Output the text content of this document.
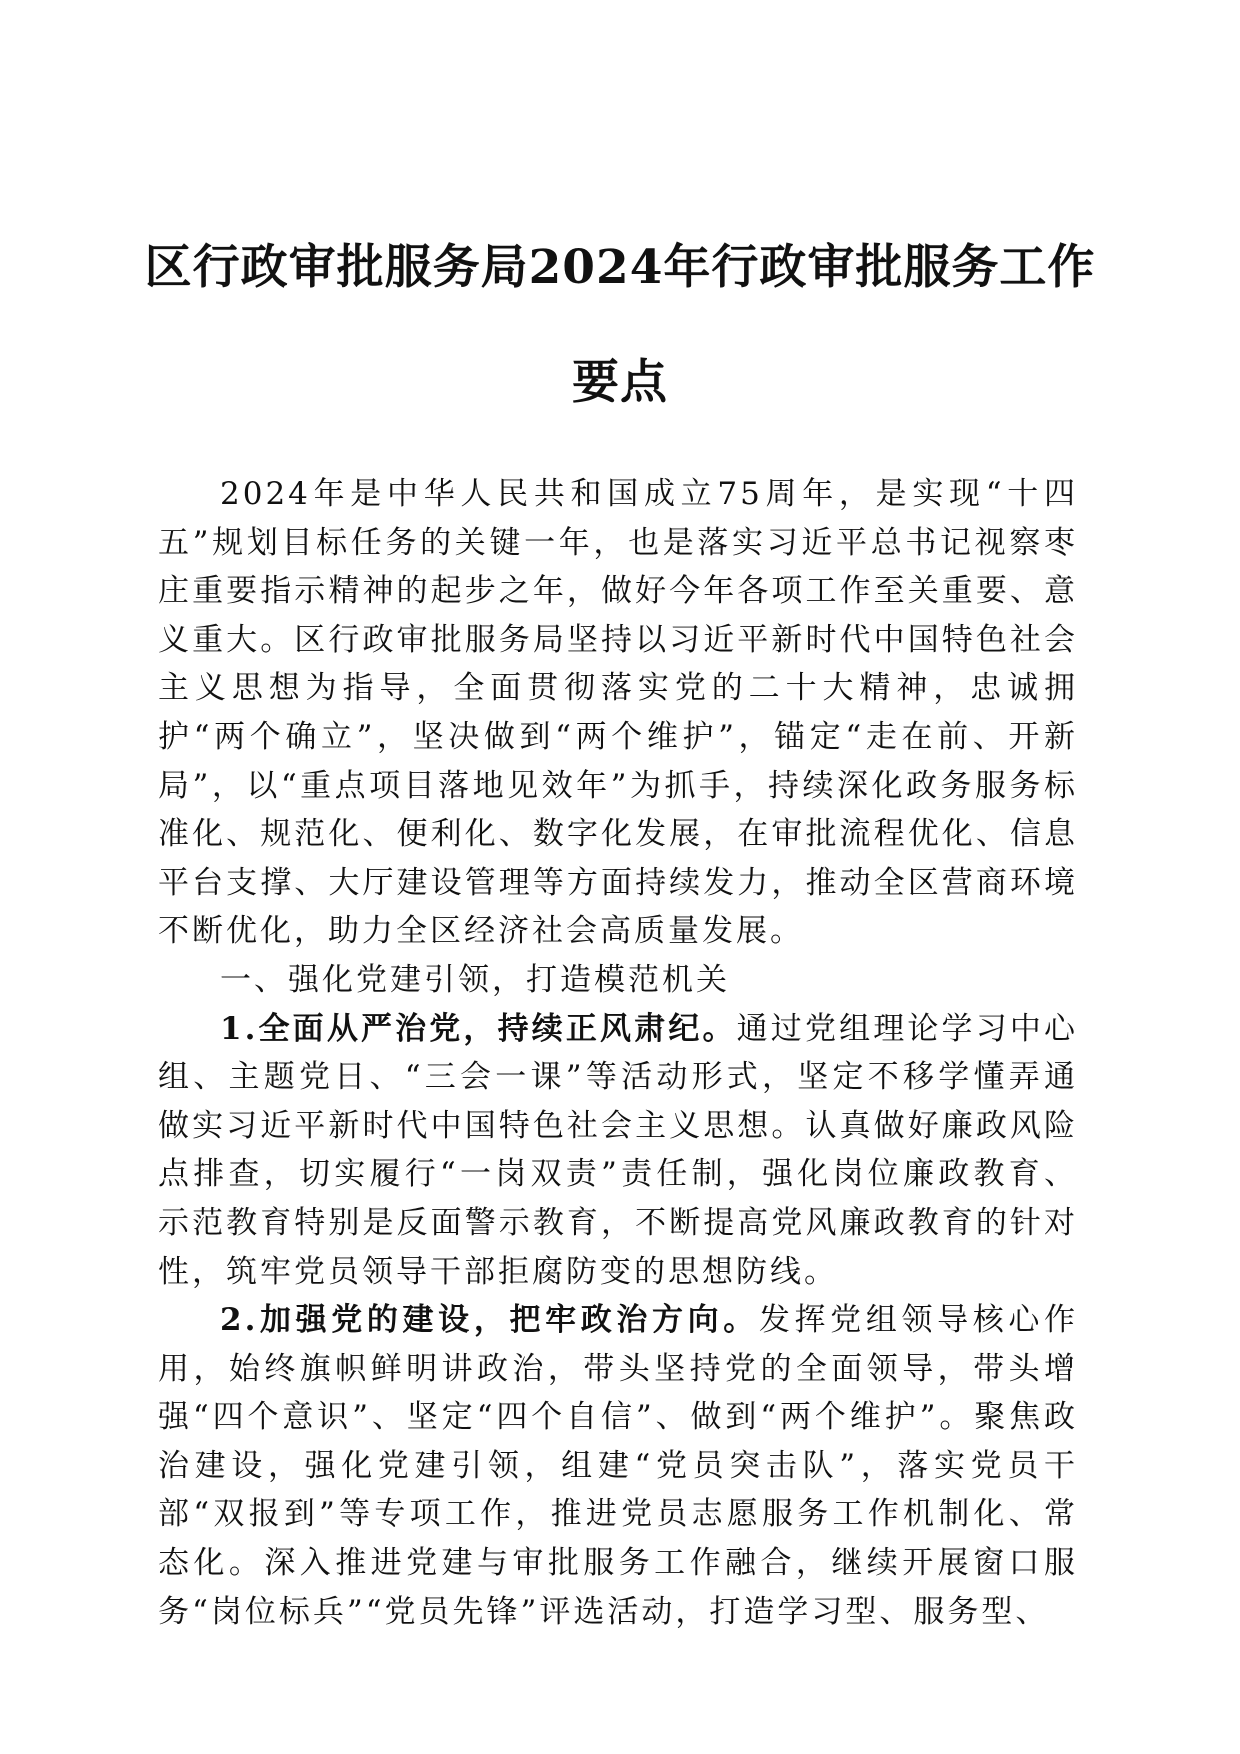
区行政审批服务局2024年行政审批服务工作
要点

2024年是中华人民共和国成立75周年，是实现“十四五”规划目标任务的关键一年，也是落实习近平总书记视察枣庄重要指示精神的起步之年，做好今年各项工作至关重要、意义重大。区行政审批服务局坚持以习近平新时代中国特色社会主义思想为指导，全面贯彻落实党的二十大精神，忠诚拥护“两个确立”，坚决做到“两个维护”，锚定“走在前、开新局”，以“重点项目落地见效年”为抓手，持续深化政务服务标准化、规范化、便利化、数字化发展，在审批流程优化、信息平台支撑、大厅建设管理等方面持续发力，推动全区营商环境不断优化，助力全区经济社会高质量发展。

一、强化党建引领，打造模范机关

1.全面从严治党，持续正风肃纪。通过党组理论学习中心组、主题党日、“三会一课”等活动形式，坚定不移学懂弄通做实习近平新时代中国特色社会主义思想。认真做好廉政风险点排查，切实履行“一岗双责”责任制，强化岗位廉政教育、示范教育特别是反面警示教育，不断提高党风廉政教育的针对性，筑牢党员领导干部拒腐防变的思想防线。

2.加强党的建设，把牢政治方向。发挥党组领导核心作用，始终旗帜鲜明讲政治，带头坚持党的全面领导，带头增强“四个意识”、坚定“四个自信”、做到“两个维护”。聚焦政治建设，强化党建引领，组建“党员突击队”，落实党员干部“双报到”等专项工作，推进党员志愿服务工作机制化、常态化。深入推进党建与审批服务工作融合，继续开展窗口服务“岗位标兵”“党员先锋”评选活动，打造学习型、服务型、
